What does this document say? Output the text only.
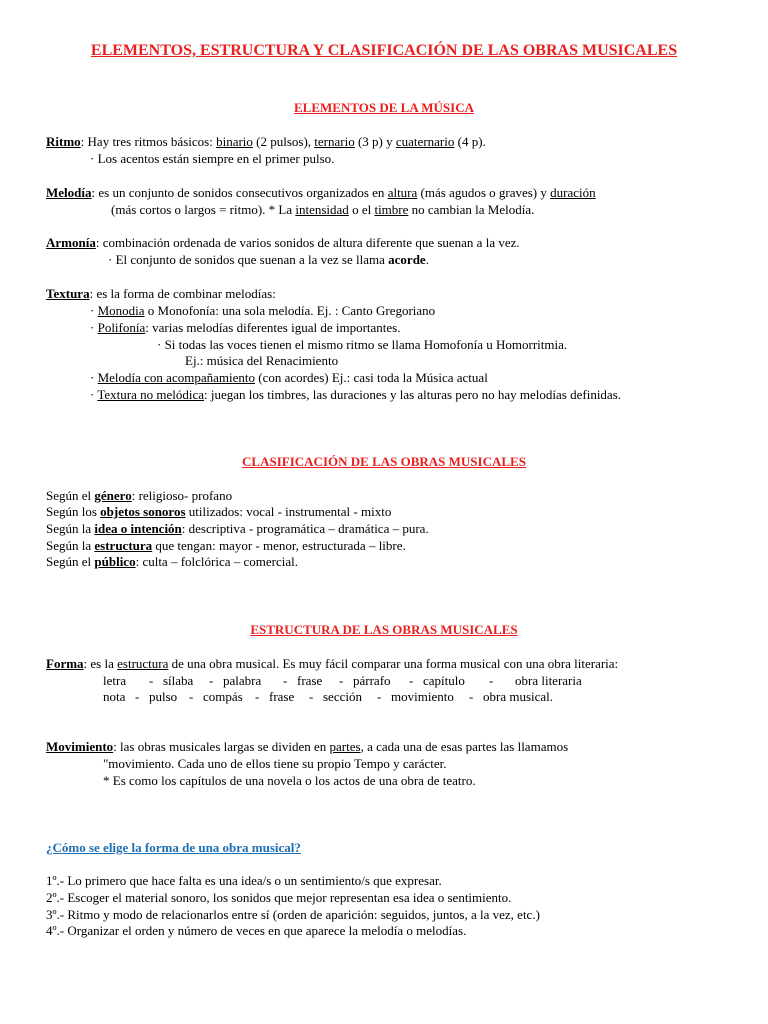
ELEMENTOS, ESTRUCTURA Y CLASIFICACIÓN DE LAS OBRAS MUSICALES
ELEMENTOS DE LA MÚSICA
Ritmo: Hay tres ritmos básicos: binario (2 pulsos), ternario (3 p) y cuaternario (4 p).
· Los acentos están siempre en el primer pulso.
Melodía: es un conjunto de sonidos consecutivos organizados en altura (más agudos o graves) y duración
(más cortos o largos = ritmo). * La intensidad o el timbre no cambian la Melodía.
Armonía: combinación ordenada de varios sonidos de altura diferente que suenan a la vez.
· El conjunto de sonidos que suenan a la vez se llama acorde.
Textura: es la forma de combinar melodías:
· Monodia o Monofonía: una sola melodía. Ej. : Canto Gregoriano
· Polifonía: varias melodías diferentes igual de importantes.
· Si todas las voces tienen el mismo ritmo se llama Homofonía u Homorritmia.
Ej.: música del Renacimiento
· Melodía con acompañamiento (con acordes) Ej.: casi toda la Música actual
· Textura no melódica: juegan los timbres, las duraciones y las alturas pero no hay melodías definidas.
CLASIFICACIÓN DE LAS OBRAS MUSICALES
Según el género: religioso- profano
Según los objetos sonoros utilizados: vocal - instrumental - mixto
Según la idea o intención: descriptiva - programática – dramática – pura.
Según la estructura que tengan: mayor - menor, estructurada – libre.
Según el público: culta – folclórica – comercial.
ESTRUCTURA DE LAS OBRAS MUSICALES
Forma: es la estructura de una obra musical. Es muy fácil comparar una forma musical con una obra literaria:
letra - sílaba - palabra - frase - párrafo - capítulo - obra literaria
nota - pulso - compás - frase - sección - movimiento - obra musical.
Movimiento: las obras musicales largas se dividen en partes, a cada una de esas partes las llamamos
"movimiento. Cada uno de ellos tiene su propio Tempo y carácter.
* Es como los capítulos de una novela o los actos de una obra de teatro.
¿Cómo se elige la forma de una obra musical?
1º.- Lo primero que hace falta es una idea/s o un sentimiento/s que expresar.
2º.- Escoger el material sonoro, los sonidos que mejor representan esa idea o sentimiento.
3º.- Ritmo y modo de relacionarlos entre sí (orden de aparición: seguidos, juntos, a la vez, etc.)
4º.- Organizar el orden y número de veces en que aparece la melodía o melodías.
